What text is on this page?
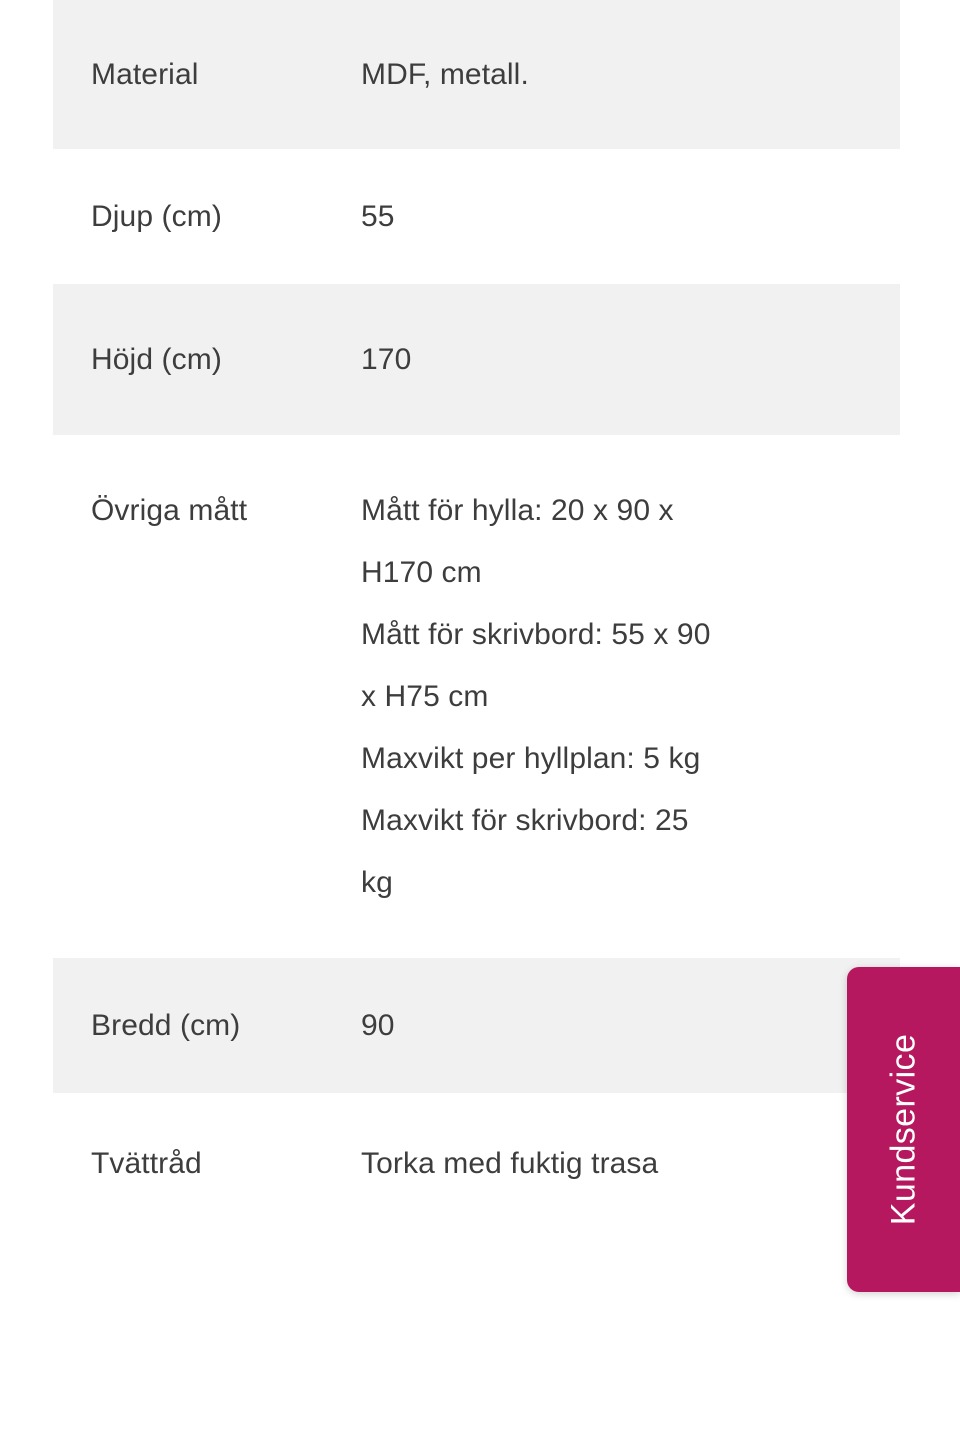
Material	MDF, metall.
Djup (cm)	55
Höjd (cm)	170
Övriga mått	Mått för hylla: 20 x 90 x
H170 cm
Mått för skrivbord: 55 x 90
x H75 cm
Maxvikt per hyllplan: 5 kg
Maxvikt för skrivbord: 25
kg
Bredd (cm)	90
Tvättråd	Torka med fuktig trasa	Kundservice
